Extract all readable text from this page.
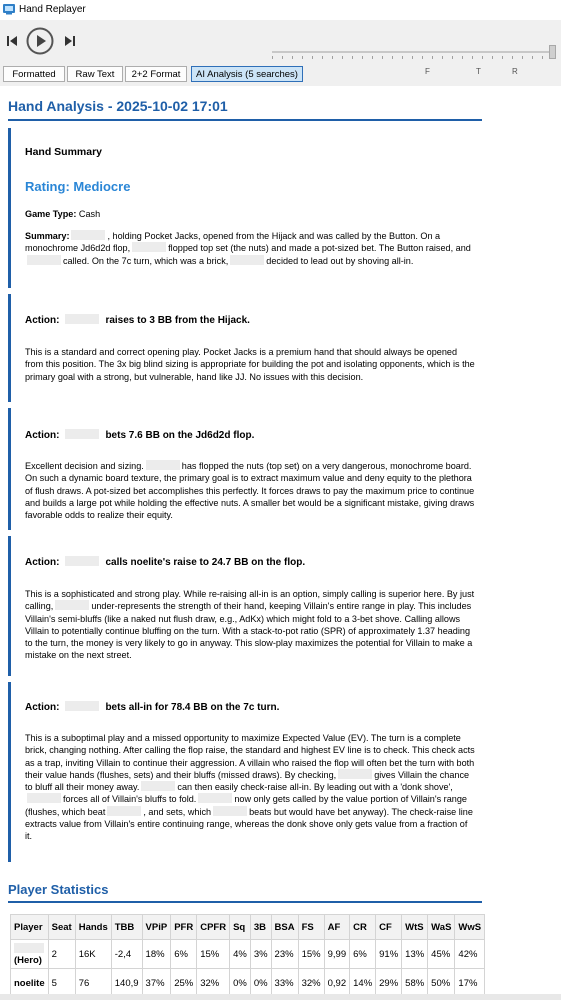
Hand Replayer
F	T	R
Formatted	Raw Text	2+2 Format	AI Analysis (5 searches)
Hand Analysis - 2025-10-02 17:01
Hand Summary
Rating: Mediocre
Game Type: Cash

Summary:	, holding Pocket Jacks, opened from the Hijack and was called by the Button. On a monochrome Jd6d2d flop,	flopped top set (the nuts) and made a pot-sized bet. The Button raised, andcalled. On the 7c turn, which was a brick,	decided to lead out by shoving all-in.

Action:	raises to 3 BB from the Hijack.

This is a standard and correct opening play. Pocket Jacks is a premium hand that should always be opened from this position. The 3x big blind sizing is appropriate for building the pot and isolating opponents, which is the primary goal with a strong, but vulnerable, hand like JJ. No issues with this decision.

Action:	bets 7.6 BB on the Jd6d2d flop.

Excellent decision and sizing.	has flopped the nuts (top set) on a very dangerous, monochrome board. On such a dynamic board texture, the primary goal is to extract maximum value and deny equity to the plethora of flush draws. A pot-sized bet accomplishes this perfectly. It forces draws to pay the maximum price to continue and builds a large pot while holding the effective nuts. A smaller bet would be a significant mistake, giving draws favorable odds to realize their equity.

Action:	calls noelite's raise to 24.7 BB on the flop.

This is a sophisticated and strong play. While re-raising all-in is an option, simply calling is superior here. By just calling,	under-represents the strength of their hand, keeping Villain's entire range in play. This includes Villain's semi-bluffs (like a naked nut flush draw, e.g., AdKx) which might fold to a 3-bet shove. Calling allows Villain to potentially continue bluffing on the turn. With a stack-to-pot ratio (SPR) of approximately 1.37 heading to the turn, the money is very likely to go in anyway. This slow-play maximizes the potential for Villain to make a mistake on the next street.

Action:	bets all-in for 78.4 BB on the 7c turn.

This is a suboptimal play and a missed opportunity to maximize Expected Value (EV). The turn is a complete brick, changing nothing. After calling the flop raise, the standard and highest EV line is to check. This check acts as a trap, inviting Villain to continue their aggression. A villain who raised the flop will often bet the turn with both their value hands (flushes, sets) and their bluffs (missed draws). By checking,	gives Villain the chance to bluff all their money away.	can then easily check-raise all-in. By leading out with a 'donk shove',forces all of Villain's bluffs to fold.	now only gets called by the value portion of Villain's range (flushes, which beat	, and sets, which	beats but would have bet anyway). The check-raise line extracts value from Villain's entire continuing range, whereas the donk shove only gets value from a fraction of it.

Player Statistics
Player	Seat	Hands	TBB	VPiP	PFR	CPFR	Sq	3B	BSA	FS	AF	CR	CF	WtS	WaS	WwS

(Hero)	2	16K	-2,4	18%	6%	15%	4%	3%	23%	15%	9,99	6%	91%	13%	45%	42%
noelite	5	76	140,9	37%	25%	32%	0%	0%	33%	32%	0,92	14%	29%	58%	50%	17%
